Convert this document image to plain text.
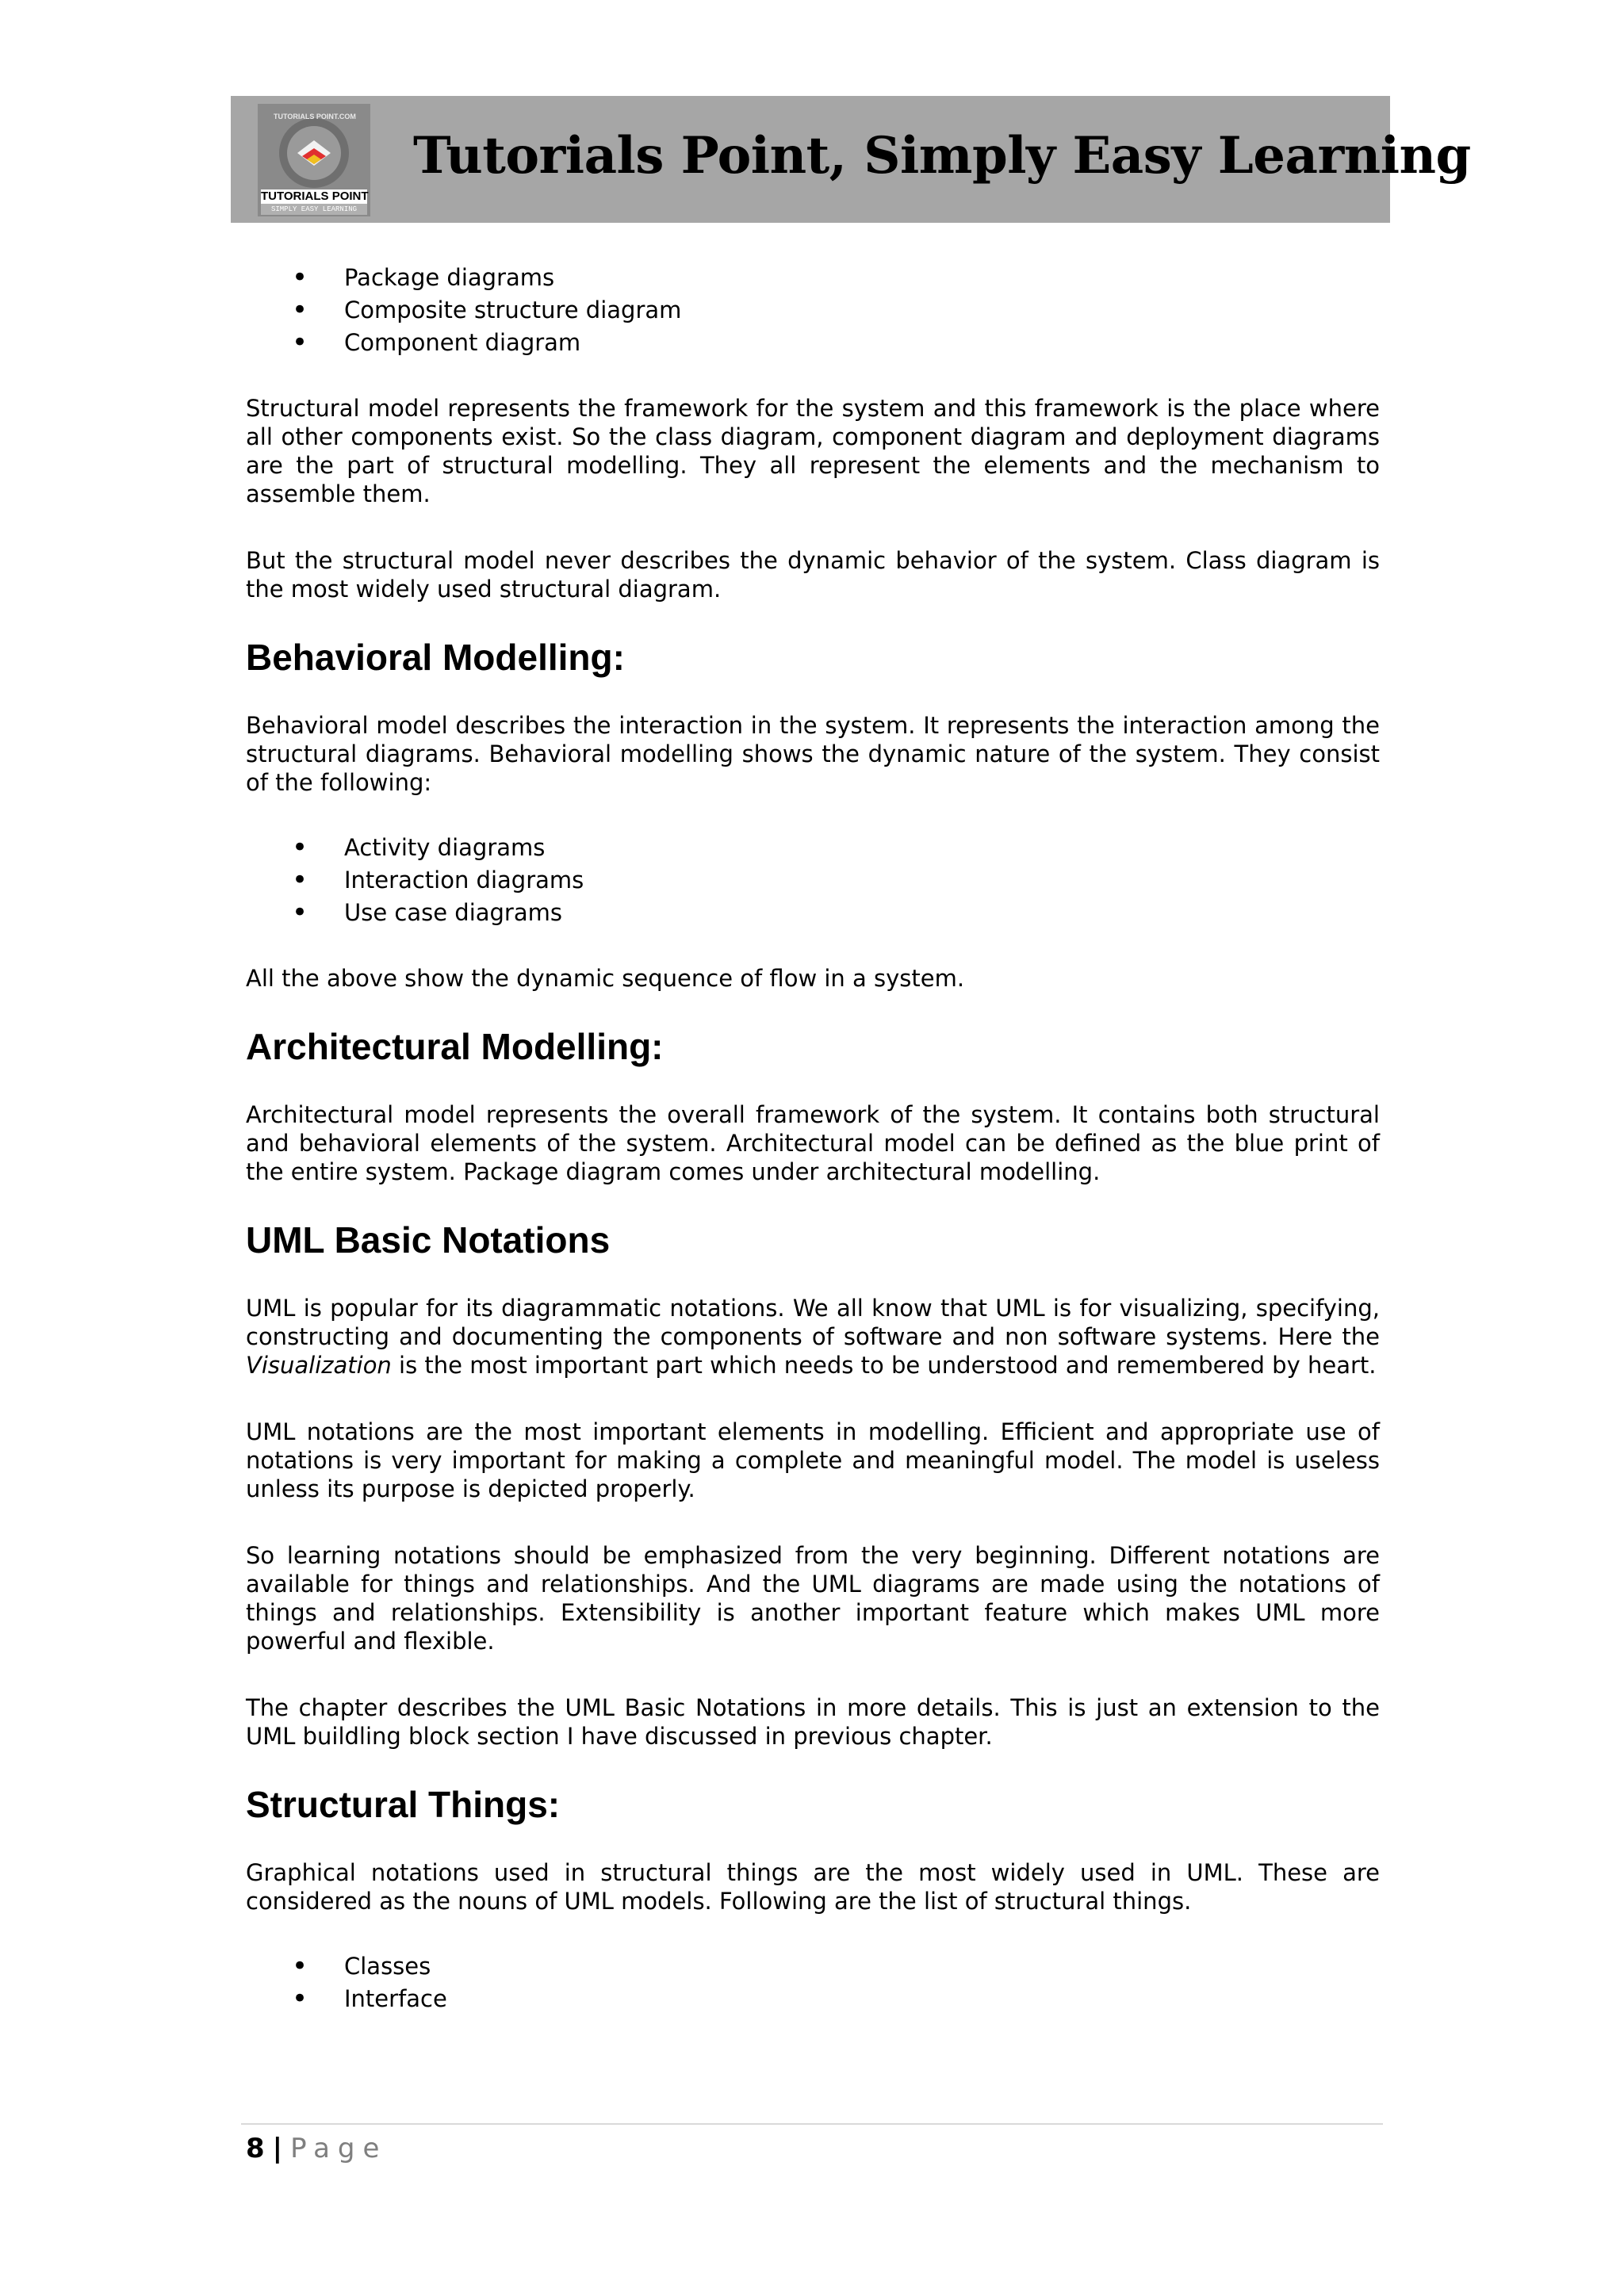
TUTORIALS POINT
SIMPLY EASY LEARNING
TUTORIALS POINT.COM
Tutorials Point, Simply Easy Learning
• Package diagrams
• Composite structure diagram
• Component diagram

Structural model represents the framework for the system and this framework is the place where all other components exist. So the class diagram, component diagram and deployment diagrams are the part of structural modelling. They all represent the elements and the mechanism to assemble them.

But the structural model never describes the dynamic behavior of the system. Class diagram is the most widely used structural diagram.

Behavioral Modelling:

Behavioral model describes the interaction in the system. It represents the interaction among the structural diagrams. Behavioral modelling shows the dynamic nature of the system. They consist of the following:

• Activity diagrams
• Interaction diagrams
• Use case diagrams

All the above show the dynamic sequence of flow in a system.

Architectural Modelling:

Architectural model represents the overall framework of the system. It contains both structural and behavioral elements of the system. Architectural model can be defined as the blue print of the entire system. Package diagram comes under architectural modelling.

UML Basic Notations

UML is popular for its diagrammatic notations. We all know that UML is for visualizing, specifying, constructing and documenting the components of software and non software systems. Here the Visualization is the most important part which needs to be understood and remembered by heart.

UML notations are the most important elements in modelling. Efficient and appropriate use of notations is very important for making a complete and meaningful model. The model is useless unless its purpose is depicted properly.

So learning notations should be emphasized from the very beginning. Different notations are available for things and relationships. And the UML diagrams are made using the notations of things and relationships. Extensibility is another important feature which makes UML more powerful and flexible.

The chapter describes the UML Basic Notations in more details. This is just an extension to the UML buildling block section I have discussed in previous chapter.

Structural Things:

Graphical notations used in structural things are the most widely used in UML. These are considered as the nouns of UML models. Following are the list of structural things.

• Classes
• Interface
8 | Page
